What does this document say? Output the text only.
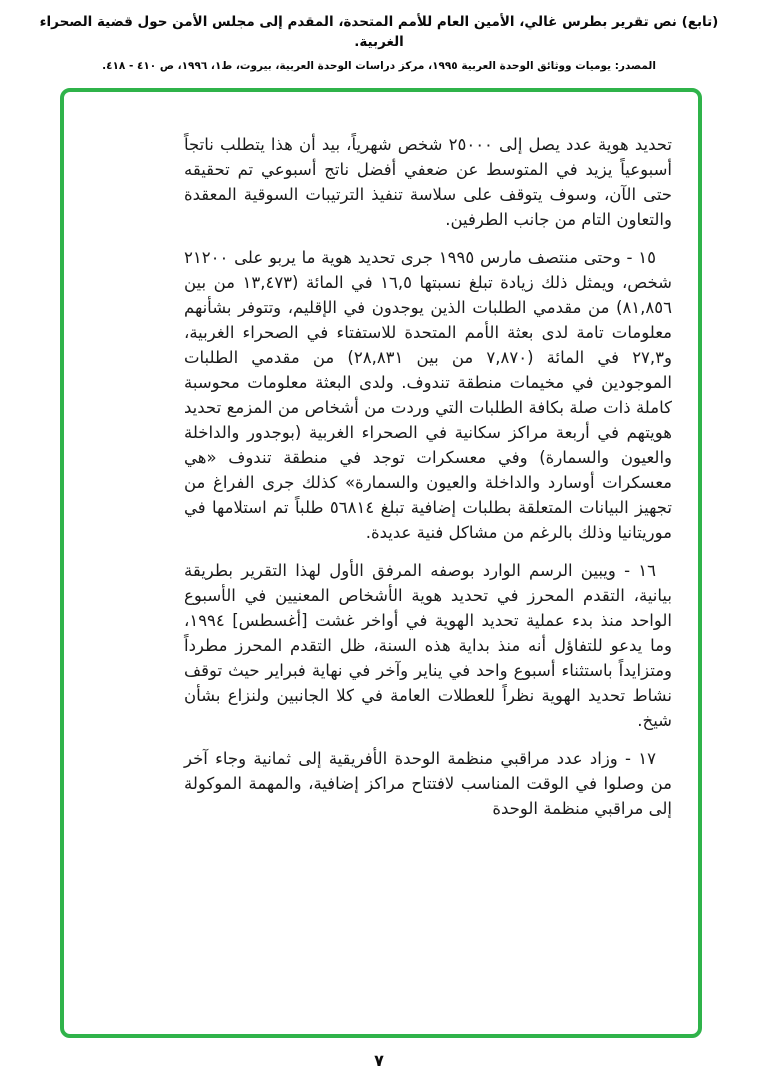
(تابع) نص تقرير بطرس غالي، الأمين العام للأمم المتحدة، المقدم إلى مجلس الأمن حول قضية الصحراء الغربية.
المصدر: يوميات ووثائق الوحدة العربية ١٩٩٥، مركز دراسات الوحدة العربية، بيروت، ط١، ١٩٩٦، ص ٤١٠ - ٤١٨.

تحديد هوية عدد يصل إلى ٢٥٠٠٠ شخص شهرياً، بيد أن هذا يتطلب ناتجاً أسبوعياً يزيد في المتوسط عن ضعفي أفضل ناتج أسبوعي تم تحقيقه حتى الآن، وسوف يتوقف على سلاسة تنفيذ الترتيبات السوقية المعقدة والتعاون التام من جانب الطرفين.

١٥ - وحتى منتصف مارس ١٩٩٥ جرى تحديد هوية ما يربو على ٢١٢٠٠ شخص، ويمثل ذلك زيادة تبلغ نسبتها ١٦,٥ في المائة (١٣,٤٧٣ من بين ٨١,٨٥٦) من مقدمي الطلبات الذين يوجدون في الإقليم، وتتوفر بشأنهم معلومات تامة لدى بعثة الأمم المتحدة للاستفتاء في الصحراء الغربية، و٢٧,٣ في المائة (٧,٨٧٠ من بين ٢٨,٨٣١) من مقدمي الطلبات الموجودين في مخيمات منطقة تندوف. ولدى البعثة معلومات محوسبة كاملة ذات صلة بكافة الطلبات التي وردت من أشخاص من المزمع تحديد هويتهم في أربعة مراكز سكانية في الصحراء الغربية (بوجدور والداخلة والعيون والسمارة) وفي معسكرات توجد في منطقة تندوف «هي معسكرات أوسارد والداخلة والعيون والسمارة» كذلك جرى الفراغ من تجهيز البيانات المتعلقة بطلبات إضافية تبلغ ٥٦٨١٤ طلباً تم استلامها في موريتانيا وذلك بالرغم من مشاكل فنية عديدة.

١٦ - ويبين الرسم الوارد بوصفه المرفق الأول لهذا التقرير بطريقة بيانية، التقدم المحرز في تحديد هوية الأشخاص المعنيين في الأسبوع الواحد منذ بدء عملية تحديد الهوية في أواخر غشت [أغسطس] ١٩٩٤، وما يدعو للتفاؤل أنه منذ بداية هذه السنة، ظل التقدم المحرز مطرداً ومتزايداً باستثناء أسبوع واحد في يناير وآخر في نهاية فبراير حيث توقف نشاط تحديد الهوية نظراً للعطلات العامة في كلا الجانبين ولنزاع بشأن شيخ.

١٧ - وزاد عدد مراقبي منظمة الوحدة الأفريقية إلى ثمانية وجاء آخر من وصلوا في الوقت المناسب لافتتاح مراكز إضافية، والمهمة الموكولة إلى مراقبي منظمة الوحدة

٧
